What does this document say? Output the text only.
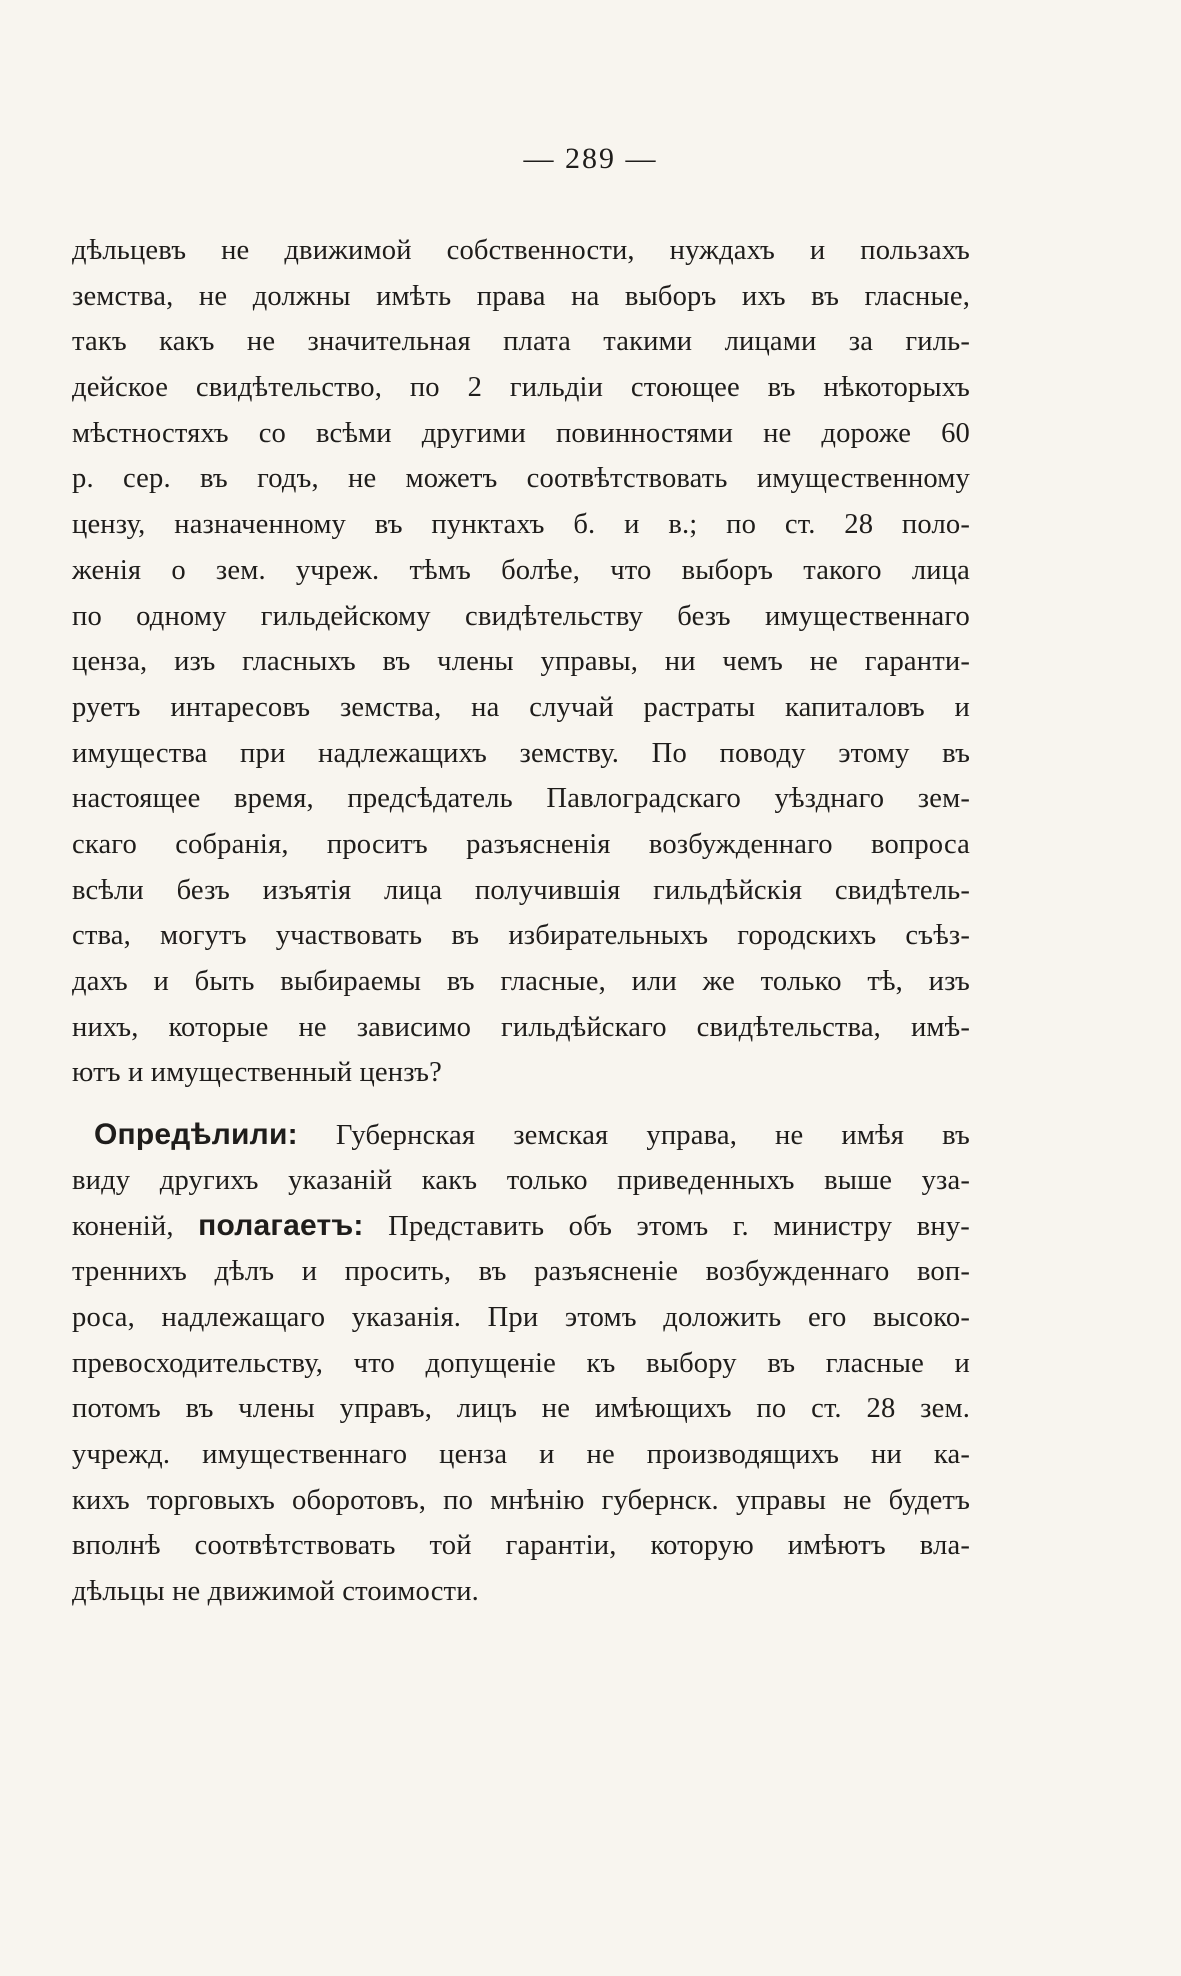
— 289 —
дѣльцевъ не движимой собственности, нуждахъ и пользахъ
земства, не должны имѣть права на выборъ ихъ въ гласные,
такъ какъ не значительная плата такими лицами за гиль-
дейское свидѣтельство, по 2 гильдіи стоющее въ нѣкоторыхъ
мѣстностяхъ со всѣми другими повинностями не дороже 60
р. сер. въ годъ, не можетъ соотвѣтствовать имущественному
цензу, назначенному въ пунктахъ б. и в.; по ст. 28 поло-
женія о зем. учреж. тѣмъ болѣе, что выборъ такого лица
по одному гильдейскому свидѣтельству безъ имущественнаго
ценза, изъ гласныхъ въ члены управы, ни чемъ не гаранти-
руетъ интаресовъ земства, на случай растраты капиталовъ и
имущества при надлежащихъ земству. По поводу этому въ
настоящее время, предсѣдатель Павлоградскаго уѣзднаго зем-
скаго собранія, проситъ разъясненія возбужденнаго вопроса
всѣли безъ изъятія лица получившія гильдѣйскія свидѣтель-
ства, могутъ участвовать въ избирательныхъ городскихъ съѣз-
дахъ и быть выбираемы въ гласные, или же только тѣ, изъ
нихъ, которые не зависимо гильдѣйскаго свидѣтельства, имѣ-
ютъ и имущественный цензъ?
Опредѣлили: Губернская земская управа, не имѣя въ
виду другихъ указаній какъ только приведенныхъ выше уза-
коненій, полагаетъ: Представить объ этомъ г. министру вну-
треннихъ дѣлъ и просить, въ разъясненіе возбужденнаго воп-
роса, надлежащаго указанія. При этомъ доложить его высоко-
превосходительству, что допущеніе къ выбору въ гласные и
потомъ въ члены управъ, лицъ не имѣющихъ по ст. 28 зем.
учрежд. имущественнаго ценза и не производящихъ ни ка-
кихъ торговыхъ оборотовъ, по мнѣнію губернск. управы не будетъ
вполнѣ соотвѣтствовать той гарантіи, которую имѣютъ вла-
дѣльцы не движимой стоимости.
